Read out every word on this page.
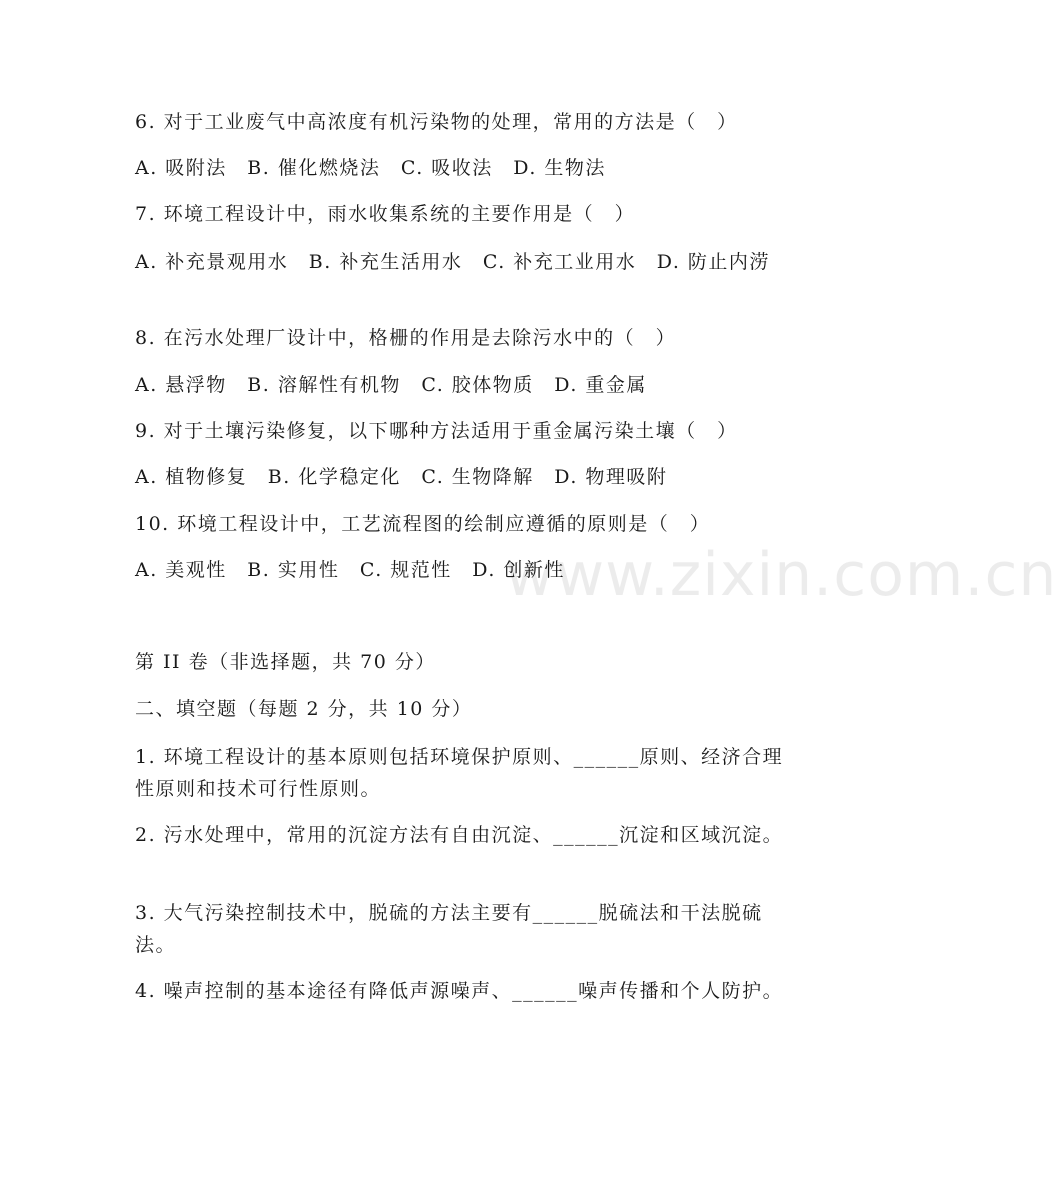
6. 对于工业废气中高浓度有机污染物的处理，常用的方法是（　）
A. 吸附法　B. 催化燃烧法　C. 吸收法　D. 生物法
7. 环境工程设计中，雨水收集系统的主要作用是（　）
A. 补充景观用水　B. 补充生活用水　C. 补充工业用水　D. 防止内涝
8. 在污水处理厂设计中，格栅的作用是去除污水中的（　）
A. 悬浮物　B. 溶解性有机物　C. 胶体物质　D. 重金属
9. 对于土壤污染修复，以下哪种方法适用于重金属污染土壤（　）
A. 植物修复　B. 化学稳定化　C. 生物降解　D. 物理吸附
10. 环境工程设计中，工艺流程图的绘制应遵循的原则是（　）
A. 美观性　B. 实用性　C. 规范性　D. 创新性
第 II 卷（非选择题，共 70 分）
二、填空题（每题 2 分，共 10 分）
1. 环境工程设计的基本原则包括环境保护原则、______原则、经济合理性原则和技术可行性原则。
2. 污水处理中，常用的沉淀方法有自由沉淀、______沉淀和区域沉淀。
3. 大气污染控制技术中，脱硫的方法主要有______脱硫法和干法脱硫法。
4. 噪声控制的基本途径有降低声源噪声、______噪声传播和个人防护。
www.zixin.com.cn
